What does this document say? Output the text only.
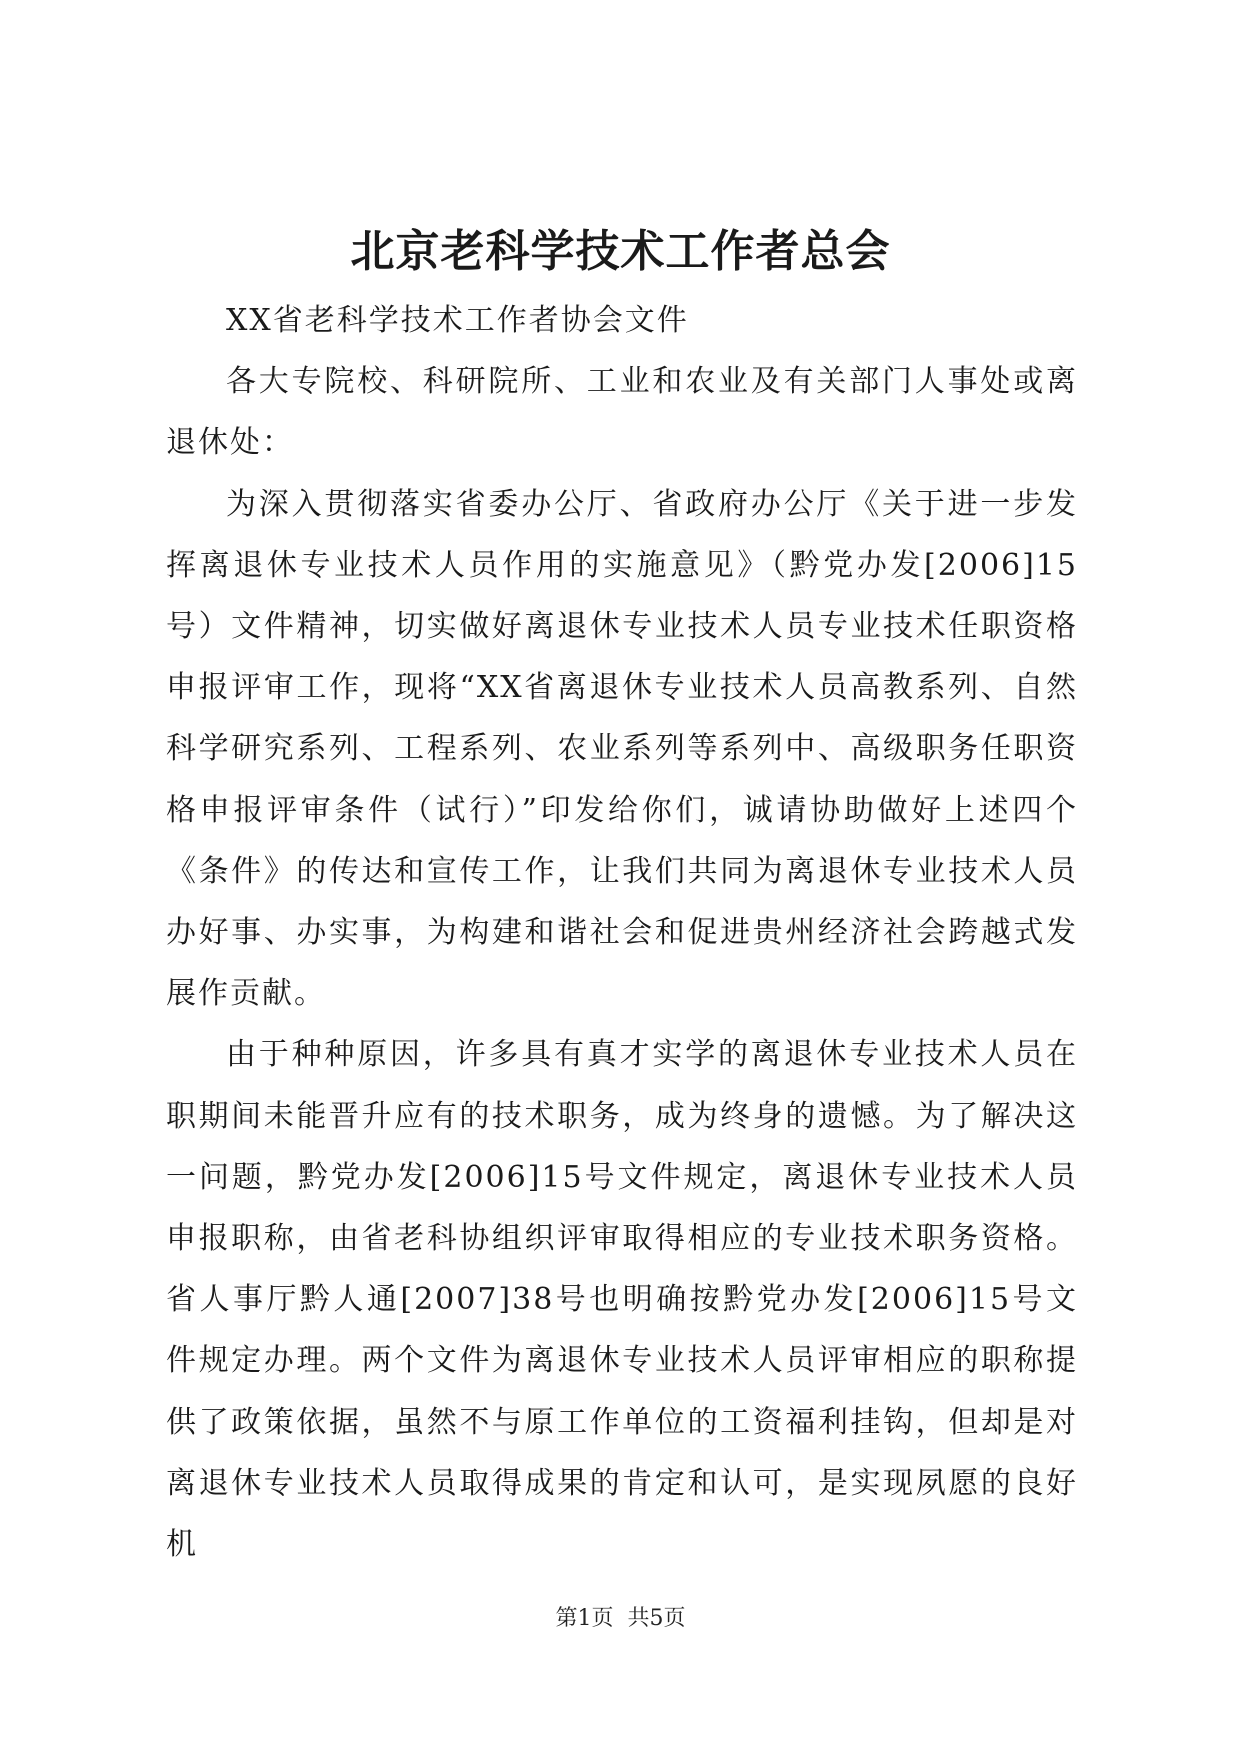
北京老科学技术工作者总会

XX省老科学技术工作者协会文件

各大专院校、科研院所、工业和农业及有关部门人事处或离退休处：

为深入贯彻落实省委办公厅、省政府办公厅《关于进一步发挥离退休专业技术人员作用的实施意见》（黔党办发[2006]15号）文件精神，切实做好离退休专业技术人员专业技术任职资格申报评审工作，现将“XX省离退休专业技术人员高教系列、自然科学研究系列、工程系列、农业系列等系列中、高级职务任职资格申报评审条件（试行）”印发给你们，诚请协助做好上述四个《条件》的传达和宣传工作，让我们共同为离退休专业技术人员办好事、办实事，为构建和谐社会和促进贵州经济社会跨越式发展作贡献。

由于种种原因，许多具有真才实学的离退休专业技术人员在职期间未能晋升应有的技术职务，成为终身的遗憾。为了解决这一问题，黔党办发[2006]15号文件规定，离退休专业技术人员申报职称，由省老科协组织评审取得相应的专业技术职务资格。省人事厅黔人通[2007]38号也明确按黔党办发[2006]15号文件规定办理。两个文件为离退休专业技术人员评审相应的职称提供了政策依据，虽然不与原工作单位的工资福利挂钩，但却是对离退休专业技术人员取得成果的肯定和认可，是实现夙愿的良好机

第1页 共5页
